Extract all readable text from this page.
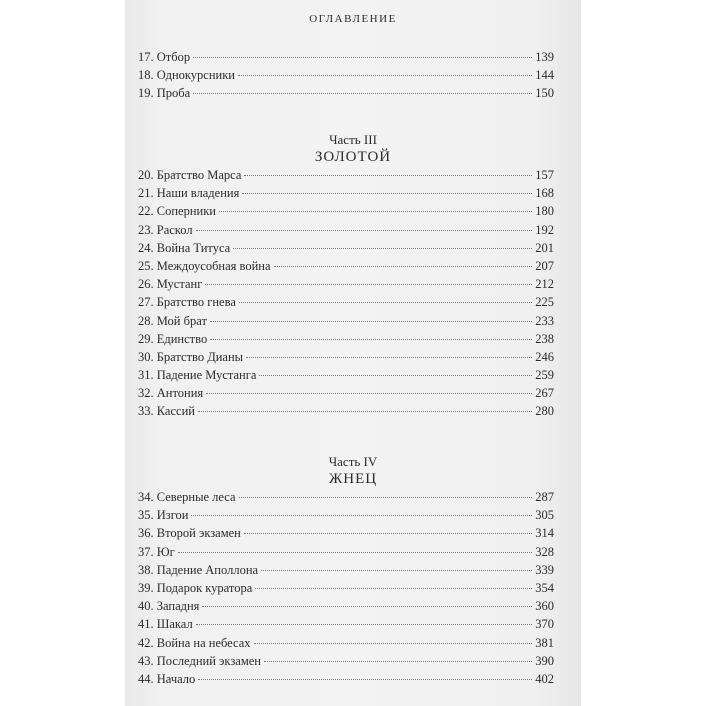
ОГЛАВЛЕНИЕ
17. Отбор	139
18. Однокурсники	144
19. Проба	150
Часть III
ЗОЛОТОЙ
20. Братство Марса	157
21. Наши владения	168
22. Соперники	180
23. Раскол	192
24. Война Титуса	201
25. Междоусобная война	207
26. Мустанг	212
27. Братство гнева	225
28. Мой брат	233
29. Единство	238
30. Братство Дианы	246
31. Падение Мустанга	259
32. Антония	267
33. Кассий	280
Часть IV
ЖНЕЦ
34. Северные леса	287
35. Изгои	305
36. Второй экзамен	314
37. Юг	328
38. Падение Аполлона	339
39. Подарок куратора	354
40. Западня	360
41. Шакал	370
42. Война на небесах	381
43. Последний экзамен	390
44. Начало	402
